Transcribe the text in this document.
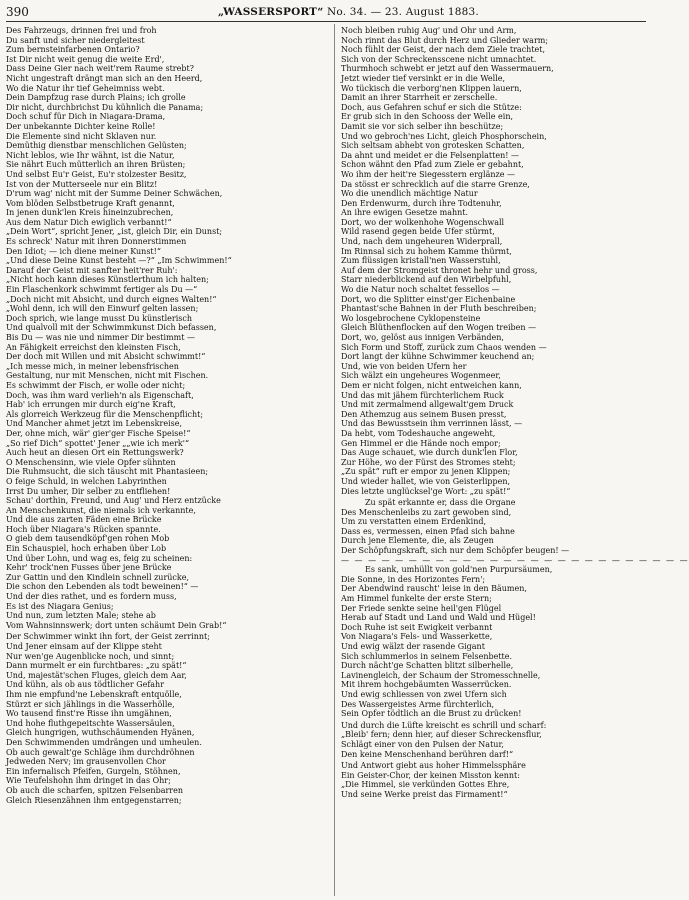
390	„WASSERSPORT“ No. 34. — 23. August 1883.
Des Fahrzeugs, drinnen frei und froh
Du sanft und sicher niedergleitest
Zum bernsteinfarbenen Ontario?
Ist Dir nicht weit genug die weite Erd',
Dass Deine Gier nach weit'rem Raume strebt?
Nicht ungestraft drängt man sich an den Heerd,
Wo die Natur ihr tief Geheimniss webt.
Dein Dampfzug rase durch Plains; ich grolle
Dir nicht, durchbrichst Du kühnlich die Panama;
Doch schuf für Dich in Niagara-Drama,
Der unbekannte Dichter keine Rolle!
Die Elemente sind nicht Sklaven nur.
Demüthig dienstbar menschlichen Gelüsten;
Nicht leblos, wie Ihr wähnt, ist die Natur,
Sie nährt Euch mütterlich an ihren Brüsten;
Und selbst Eu'r Geist, Eu'r stolzester Besitz,
Ist von der Mutterseele nur ein Blitz!
D'rum wag' nicht mit der Summe Deiner Schwächen,
Vom blöden Selbstbetruge Kraft genannt,
In jenen dunk'len Kreis hineinzubrechen,
Aus dem Natur Dich ewiglich verbannt!“
„Dein Wort“, spricht Jener, „ist, gleich Dir, ein Dunst;
Es schreck' Natur mit ihren Donnerstimmen
Den Idiot; — ich diene meiner Kunst!“
„Und diese Deine Kunst besteht —?“ „Im Schwimmen!“
Darauf der Geist mit sanfter heit'rer Ruh':
„Nicht hoch kann dieses Künstlerthum ich halten;
Ein Flaschenkork schwimmt fertiger als Du —“
„Doch nicht mit Absicht, und durch eignes Walten!“
„Wohl denn, ich will den Einwurf gelten lassen;
Doch sprich, wie lange musst Du künstlerisch
Und qualvoll mit der Schwimmkunst Dich befassen,
Bis Du — was nie und nimmer Dir bestimmt —
An Fähigkeit erreichst den kleinsten Fisch,
Der doch mit Willen und mit Absicht schwimmt!“
„Ich messe mich, in meiner lebensfrischen
Gestaltung, nur mit Menschen, nicht mit Fischen.
Es schwimmt der Fisch, er wolle oder nicht;
Doch, was ihm ward verlieh'n als Eigenschaft,
Hab' ich errungen mir durch eig'ne Kraft,
Als glorreich Werkzeug für die Menschenpflicht;
Und Mancher ahmet jetzt im Lebenskreise,
Der, ohne mich, wär' gier'ger Fische Speise!“
„So rief Dich“ spottet' Jener „„wie ich merk'“
Auch heut an diesen Ort ein Rettungswerk?
O Menschensinn, wie viele Opfer sühnten
Die Ruhmsucht, die sich täuscht mit Phantasieen;
O feige Schuld, in welchen Labyrinthen
Irrst Du umher, Dir selber zu entfliehen!
Schau' dorthin, Freund, und Aug' und Herz entzücke
An Menschenkunst, die niemals ich verkannte,
Und die aus zarten Fäden eine Brücke
Hoch über Niagara's Rücken spannte.
O gieb dem tausendköpf'gen rohen Mob
Ein Schauspiel, hoch erhaben über Lob
Und über Lohn, und wag es, feig zu scheinen:
Kehr' trock'nen Fusses über jene Brücke
Zur Gattin und den Kindlein schnell zurücke,
Die schon den Lebenden als todt beweinen!“ —
Und der dies rathet, und es fordern muss,
Es ist des Niagara Genius;
Und nun, zum letzten Male; stehe ab
Vom Wahnsinnswerk; dort unten schäumt Dein Grab!“
Der Schwimmer winkt ihn fort, der Geist zerrinnt;
Und Jener einsam auf der Klippe steht
Nur wen'ge Augenblicke noch, und sinnt;
Dann murmelt er ein furchtbares: „zu spät!“
Und, majestät'schen Fluges, gleich dem Aar,
Und kühn, als ob aus tödtlicher Gefahr
Ihm nie empfund'ne Lebenskraft entquölle,
Stürzt er sich jählings in die Wasserhölle,
Wo tausend finst're Risse ihn umgähnen,
Und hohe fluthgepeitschte Wassersäulen,
Gleich hungrigen, wuthschäumenden Hyänen,
Den Schwimmenden umdrängen und umheulen.
Ob auch gewalt'ge Schläge ihm durchdröhnen
Jedweden Nerv; im grausenvollen Chor
Ein infernalisch Pfeifen, Gurgeln, Stöhnen,
Wie Teufelshohn ihm dringet in das Ohr;
Ob auch die scharfen, spitzen Felsenbarren
Gleich Riesenzähnen ihm entgegenstarren;
Noch bleiben ruhig Aug' und Ohr und Arm,
Noch rinnt das Blut durch Herz und Glieder warm;
Noch fühlt der Geist, der nach dem Ziele trachtet,
Sich von der Schreckensscene nicht umnachtet.
Thurmhoch schwebt er jetzt auf den Wassermauern,
Jetzt wieder tief versinkt er in die Welle,
Wo tückisch die verborg'nen Klippen lauern,
Damit an ihrer Starrheit er zerschelle.
Doch, aus Gefahren schuf er sich die Stütze:
Er grub sich in den Schooss der Welle ein,
Damit sie vor sich selber ihn beschütze;
Und wo gebroch'nes Licht, gleich Phosphorschein,
Sich seltsam abhebt von grotesken Schatten,
Da ahnt und meidet er die Felsenplatten! —
Schon wähnt den Pfad zum Ziele er gebahnt,
Wo ihm der heit're Siegesstern erglänze —
Da stösst er schrecklich auf die starre Grenze,
Wo die unendlich mächtige Natur
Den Erdenwurm, durch ihre Todtenuhr,
An ihre ewigen Gesetze mahnt.
Dort, wo der wolkenhohe Wogenschwall
Wild rasend gegen beide Ufer stürmt,
Und, nach dem ungeheuren Widerprall,
Im Rinnsal sich zu hohem Kamme thürmt,
Zum flüssigen kristall'nen Wasserstuhl,
Auf dem der Stromgeist thronet hehr und gross,
Starr niederblickend auf den Wirbelpfuhl,
Wo die Natur noch schaltet fessellos —
Dort, wo die Splitter einst'ger Eichenbaine
Phantast'sche Bahnen in der Fluth beschreiben;
Wo losgebrochene Cyklopensteine
Gleich Blüthenflocken auf den Wogen treiben —
Dort, wo, gelöst aus innigen Verbänden,
Sich Form und Stoff, zurück zum Chaos wenden —
Dort langt der kühne Schwimmer keuchend an;
Und, wie von beiden Ufern her
Sich wälzt ein ungeheures Wogenmeer,
Dem er nicht folgen, nicht entweichen kann,
Und das mit jähem fürchterlichem Ruck
Und mit zermalmend allgewalt'gem Druck
Den Athemzug aus seinem Busen presst,
Und das Bewusstsein ihm verrinnen lässt, —
Da hebt, vom Todeshauche angeweht,
Gen Himmel er die Hände noch empor;
Das Auge schauet, wie durch dunk'len Flor,
Zur Höhe, wo der Fürst des Stromes steht;
„Zu spät“ ruft er empor zu jenen Klippen;
Und wieder hallet, wie von Geisterlippen,
Dies letzte unglücksel'ge Wort: „zu spät!“
Zu spät erkannte er, dass die Organe
Des Menschenleibs zu zart gewoben sind,
Um zu verstatten einem Erdenkind,
Dass es, vermessen, einen Pfad sich bahne
Durch jene Elemente, die, als Zeugen
Der Schöpfungskraft, sich nur dem Schöpfer beugen! —
— — — — — — — — — — — — — — — — — — — — — — — — — —
Es sank, umhüllt von gold'nen Purpursäumen,
Die Sonne, in des Horizontes Fern';
Der Abendwind rauscht' leise in den Bäumen,
Am Himmel funkelte der erste Stern;
Der Friede senkte seine heil'gen Flügel
Herab auf Stadt und Land und Wald und Hügel!
Doch Ruhe ist seit Ewigkeit verbannt
Von Niagara's Fels- und Wasserkette,
Und ewig wälzt der rasende Gigant
Sich schlummerlos in seinem Felsenbette.
Durch nächt'ge Schatten blitzt silberhelle,
Lavinengleich, der Schaum der Stromesschnelle,
Mit ihrem hochgebäumten Wasserrücken.
Und ewig schliessen von zwei Ufern sich
Des Wassergeistes Arme fürchterlich,
Sein Opfer tödtlich an die Brust zu drücken!
Und durch die Lüfte kreischt es schrill und scharf:
„Bleib' fern; denn hier, auf dieser Schreckensflur,
Schlägt einer von den Pulsen der Natur,
Den keine Menschenhand berühren darf!“
Und Antwort giebt aus hoher Himmelssphäre
Ein Geister-Chor, der keinen Misston kennt:
„Die Himmel, sie verkünden Gottes Ehre,
Und seine Werke preist das Firmament!“
